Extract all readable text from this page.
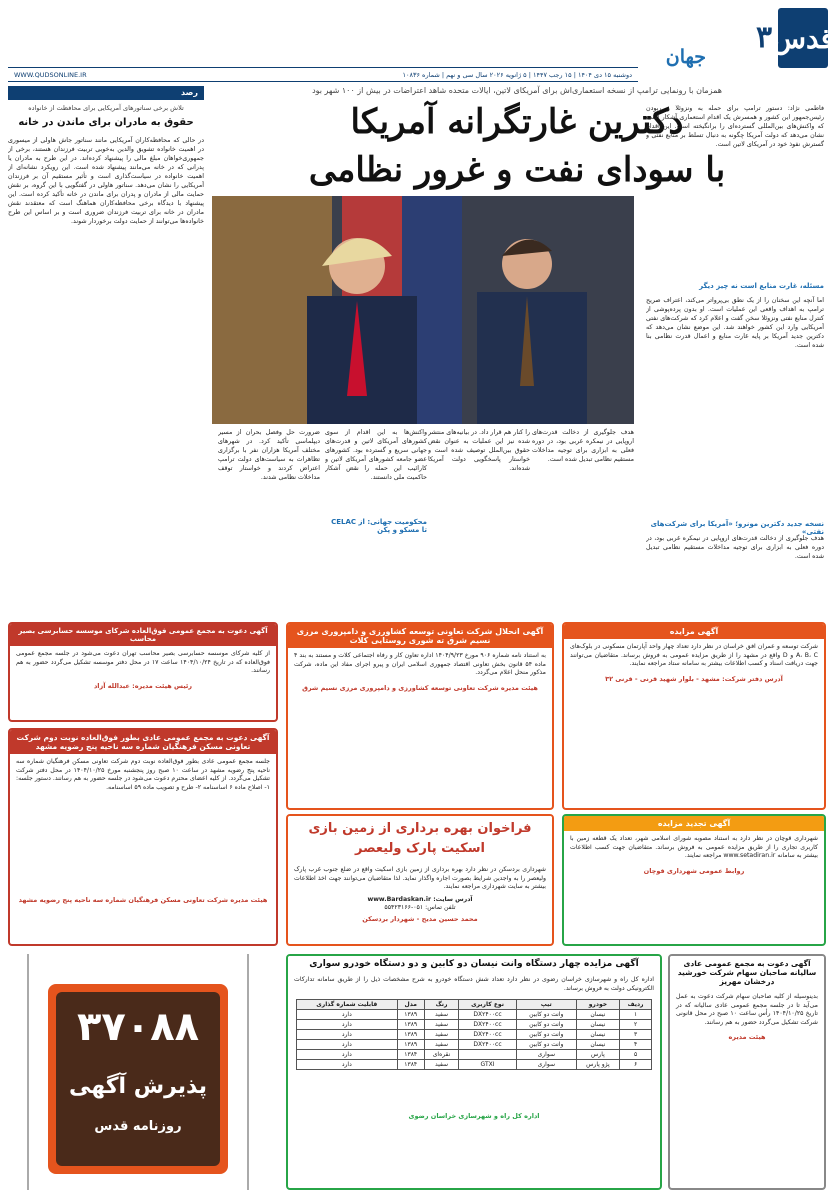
قدس
۳
جهان
دوشنبه ۱۵ دی ۱۴۰۴ | ۱۵ رجب ۱۴۴۷ | ۵ ژانویه ۲۰۲۶ سال سی و نهم | شماره ۱۰۸۳۶
WWW.QUDSONLINE.IR
رصد
تلاش برخی سناتورهای آمریکایی برای محافظت از خانواده
حقوق به مادران برای ماندن در خانه
در حالی که محافظه‌کاران آمریکایی مانند سناتور جاش هاولی از میسوری در اهمیت خانواده تشویق والدین به‌خوبی تربیت فرزندان هستند، برخی از جمهوری‌خواهان مبلغ مالی را پیشنهاد کرده‌اند. در این طرح به مادران یا پدرانی که در خانه می‌مانند پیشنهاد شده است. این رویکرد نشانه‌ای از اهمیت خانواده در سیاست‌گذاری است و تأثیر مستقیم آن بر فرزندان آمریکایی را نشان می‌دهد. سناتور هاولی در گفتگویی با این گروه، بر نقش حمایت مالی از مادران و پدران برای ماندن در خانه تأکید کرده است. این پیشنهاد با دیدگاه برخی محافظه‌کاران هماهنگ است که معتقدند نقش مادران در خانه برای تربیت فرزندان ضروری است و بر اساس این طرح خانواده‌ها می‌توانند از حمایت دولت برخوردار شوند.
همزمان با رونمایی ترامپ از نسخه استعماری‌اش برای آمریکای لاتین، ایالات متحده شاهد اعتراضات در بیش از ۱۰۰ شهر بود
دکترین غارتگرانه آمریکا
با سودای نفت و غرور نظامی
فاطمی نژاد: دستور ترامپ برای حمله به ونزوئلا و ربودن رئیس‌جمهور این کشور و همسرش یک اقدام استعماری آشکار است که واکنش‌های بین‌المللی گسترده‌ای را برانگیخته است. این اقدام نشان می‌دهد که دولت آمریکا چگونه به دنبال تسلط بر منابع نفتی و گسترش نفوذ خود در آمریکای لاتین است.
اما آنچه این سخنان را از یک نطق بی‌پرواتر می‌کند، اعتراف صریح ترامپ به اهداف واقعی این عملیات است. او بدون پرده‌پوشی از کنترل منابع نفتی ونزوئلا سخن گفت و اعلام کرد که شرکت‌های نفتی آمریکایی وارد این کشور خواهند شد. این موضع نشان می‌دهد که دکترین جدید آمریکا بر پایه غارت منابع و اعمال قدرت نظامی بنا شده است.
مسئله، غارت منابع است نه چیز دیگر
نسخه جدید دکترین مونرو؛ «آمریکا برای شرکت‌های نفتی»
هدف جلوگیری از دخالت قدرت‌های اروپایی در نیمکره غربی بود، در دوره فعلی به ابزاری برای توجیه مداخلات مستقیم نظامی تبدیل شده است.
هدف جلوگیری از دخالت قدرت‌های اروپایی در نیمکره غربی بود، در دوره فعلی به ابزاری برای توجیه مداخلات مستقیم نظامی تبدیل شده است.
را کنار هم قرار داد. در بیانیه‌های منتشر شده نیز این عملیات به عنوان نقض حقوق بین‌الملل توصیف شده است و خواستار پاسخگویی دولت آمریکا شده‌اند.
واکنش‌ها به این اقدام از سوی کشورهای آمریکای لاتین و قدرت‌های جهانی سریع و گسترده بود. کشورهای عضو جامعه کشورهای آمریکای لاتین و کارائیب این حمله را نقض آشکار حاکمیت ملی دانستند.
محکومیت جهانی: از CELAC تا مسکو و پکن
ضرورت حل وفصل بحران از مسیر دیپلماسی تأکید کرد. در شهرهای مختلف آمریکا هزاران نفر با برگزاری تظاهرات به سیاست‌های دولت ترامپ اعتراض کردند و خواستار توقف مداخلات نظامی شدند.
آگهی مزایده
شرکت توسعه و عمران افق خراسان در نظر دارد تعداد چهار واحد آپارتمان مسکونی در بلوک‌های A، B، C و D واقع در مشهد را از طریق مزایده عمومی به فروش برساند. متقاضیان می‌توانند جهت دریافت اسناد و کسب اطلاعات بیشتر به سامانه ستاد مراجعه نمایند.
آدرس دفتر شرکت: مشهد - بلوار شهید قرنی - قرنی ۳۲
آگهی انحلال شرکت تعاونی توسعه کشاورزی و دامپروری مرزی نسیم شرق ته شوری روستایی کلات
به استناد نامه شماره ۹۰۶ مورخ ۱۴۰۴/۹/۲۳ اداره تعاون کار و رفاه اجتماعی کلات و مستند به بند ۴ ماده ۵۴ قانون بخش تعاونی اقتصاد جمهوری اسلامی ایران و پیرو اجرای مفاد این ماده، شرکت مذکور منحل اعلام می‌گردد.
هیئت مدیره شرکت تعاونی توسعه کشاورزی و دامپروری مرزی نسیم شرق
آگهی دعوت به مجمع عمومی فوق‌العاده شرکای موسسه حسابرسی بصیر محاسب
از کلیه شرکای موسسه حسابرسی بصیر محاسب تهران دعوت می‌شود در جلسه مجمع عمومی فوق‌العاده که در تاریخ ۱۴۰۴/۱۰/۲۴ ساعت ۱۷ در محل دفتر موسسه تشکیل می‌گردد حضور به هم رسانند.
رئیس هیئت مدیره: عبدالله آزاد
آگهی تجدید مزایده
شهرداری قوچان در نظر دارد به استناد مصوبه شورای اسلامی شهر، تعداد یک قطعه زمین با کاربری تجاری را از طریق مزایده عمومی به فروش برساند. متقاضیان جهت کسب اطلاعات بیشتر به سامانه www.setadiran.ir مراجعه نمایند.
روابط عمومی شهرداری قوچان
فراخوان بهره برداری از زمین بازی اسکیت پارک ولیعصر
شهرداری بردسکن در نظر دارد بهره برداری از زمین بازی اسکیت واقع در ضلع جنوب غرب پارک ولیعصر را به واجدین شرایط بصورت اجاره واگذار نماید. لذا متقاضیان می‌توانند جهت اخذ اطلاعات بیشتر به سایت شهرداری مراجعه نمایند.
آدرس سایت: www.Bardaskan.ir
تلفن تماس: ۰۵۱-۵۵۴۲۳۱۶۶
محمد حسین مدیح - شهردار بردسکن
آگهی دعوت به مجمع عمومی عادی بطور فوق‌العاده نوبت دوم شرکت تعاونی مسکن فرهنگیان شماره سه ناحیه پنج رضویه مشهد
جلسه مجمع عمومی عادی بطور فوق‌العاده نوبت دوم شرکت تعاونی مسکن فرهنگیان شماره سه ناحیه پنج رضویه مشهد در ساعت ۱۰ صبح روز پنجشنبه مورخ ۱۴۰۴/۱۰/۲۵ در محل دفتر شرکت تشکیل می‌گردد. از کلیه اعضای محترم دعوت می‌شود در جلسه حضور به هم رسانند. دستور جلسه: ۱- اصلاح ماده ۶ اساسنامه ۲- طرح و تصویب ماده ۵۹ اساسنامه.
هیئت مدیره شرکت تعاونی مسکن فرهنگیان شماره سه ناحیه پنج رضویه مشهد
آگهی مزایده چهار دستگاه وانت نیسان دو کابین و دو دستگاه خودرو سواری
اداره کل راه و شهرسازی خراسان رضوی در نظر دارد تعداد شش دستگاه خودرو به شرح مشخصات ذیل را از طریق سامانه تدارکات الکترونیکی دولت به فروش برساند.
ردیف	خودرو	تیپ	نوع کاربری	رنگ	مدل	قابلیت شماره گذاری
۱	نیسان	وانت دو کابین	DX۲۴۰۰cc	سفید	۱۳۸۹	دارد
۲	نیسان	وانت دو کابین	DX۲۴۰۰cc	سفید	۱۳۸۹	دارد
۳	نیسان	وانت دو کابین	DX۲۴۰۰cc	سفید	۱۳۸۹	دارد
۴	نیسان	وانت دو کابین	DX۲۴۰۰cc	سفید	۱۳۸۹	دارد
۵	پارس	سواری		نقره‌ای	۱۳۸۴	دارد
۶	پژو پارس	سواری	GTXI	سفید	۱۳۸۴	دارد
اداره کل راه و شهرسازی خراسان رضوی
آگهی دعوت به مجمع عمومی عادی سالیانه صاحبان سهام شرکت خورشید درخشان مهریز
بدینوسیله از کلیه صاحبان سهام شرکت دعوت به عمل می‌آید تا در جلسه مجمع عمومی عادی سالیانه که در تاریخ ۱۴۰۴/۱۰/۲۵ رأس ساعت ۱۰ صبح در محل قانونی شرکت تشکیل می‌گردد حضور به هم رسانند.
هیئت مدیره
۳۷۰۸۸
پذیرش آگهی
روزنامه قدس
